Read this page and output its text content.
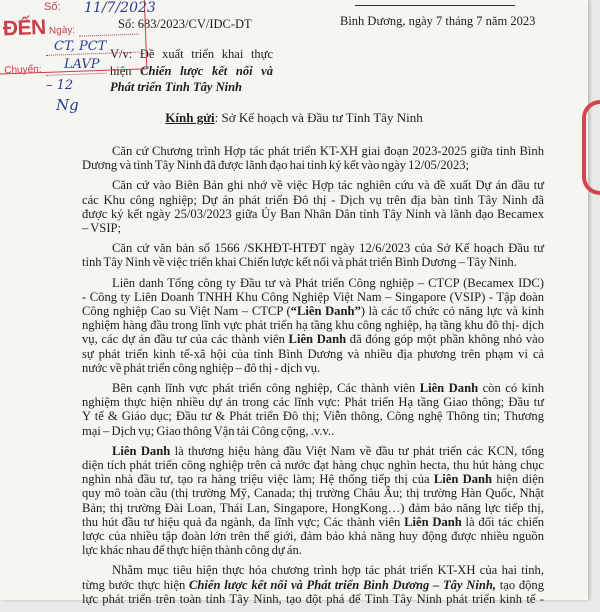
Số: 683/2023/CV/IDC-DT	Bình Dương, ngày 7 tháng 7 năm 2023
V/v: Đề xuất triển khai thực
hiện Chiến lược kết nối và
Phát triển Tỉnh Tây Ninh
Kính gửi: Sở Kế hoạch và Đầu tư Tỉnh Tây Ninh
Căn cứ Chương trình Hợp tác phát triển KT-XH giai đoạn 2023-2025 giữa tỉnh Bình
Dương và tỉnh Tây Ninh đã được lãnh đạo hai tỉnh ký kết vào ngày 12/05/2023;
Căn cứ vào Biên Bản ghi nhớ về việc Hợp tác nghiên cứu và đề xuất Dự án đầu tư
các Khu công nghiệp; Dự án phát triển Đô thị - Dịch vụ trên địa bàn tỉnh Tây Ninh đã
được ký kết ngày 25/03/2023 giữa Ủy Ban Nhân Dân tỉnh Tây Ninh và lãnh đạo Becamex
– VSIP;
Căn cứ văn bản số 1566 /SKHĐT-HTĐT ngày 12/6/2023 của Sở Kế hoạch Đầu tư
tỉnh Tây Ninh về việc triển khai Chiến lược kết nối và phát triển Bình Dương – Tây Ninh.
Liên danh Tổng công ty Đầu tư và Phát triển Công nghiệp – CTCP (Becamex IDC)
- Công ty Liên Doanh TNHH Khu Công Nghiệp Việt Nam – Singapore (VSIP) - Tập đoàn
Công nghiệp Cao su Việt Nam – CTCP (“Liên Danh”) là các tổ chức có năng lực và kinh
nghiệm hàng đầu trong lĩnh vực phát triển hạ tầng khu công nghiệp, hạ tầng khu đô thị- dịch
vụ, các dự án đầu tư của các thành viên Liên Danh đã đóng góp một phần không nhỏ vào
sự phát triển kinh tế-xã hội của tỉnh Bình Dương và nhiều địa phương trên phạm vi cả
nước về phát triển công nghiệp – đô thị - dịch vụ.
Bên cạnh lĩnh vực phát triển công nghiệp, Các thành viên Liên Danh còn có kinh
nghiệm thực hiện nhiều dự án trong các lĩnh vực: Phát triển Hạ tầng Giao thông; Đầu tư
Y tế & Giáo dục; Đầu tư & Phát triển Đô thị; Viễn thông, Công nghệ Thông tin; Thương
mại – Dịch vụ; Giao thông Vận tải Công cộng, .v.v..
Liên Danh là thương hiệu hàng đầu Việt Nam về đầu tư phát triển các KCN, tổng
diện tích phát triển công nghiệp trên cả nước đạt hàng chục nghìn hecta, thu hút hàng chục
nghìn nhà đầu tư, tạo ra hàng triệu việc làm; Hệ thống tiếp thị của Liên Danh hiện diện
quy mô toàn cầu (thị trường Mỹ, Canada; thị trường Châu Âu; thị trường Hàn Quốc, Nhật
Bản; thị trường Đài Loan, Thái Lan, Singapore, HongKong…) đảm bảo năng lực tiếp thị,
thu hút đầu tư hiệu quả đa ngành, đa lĩnh vực; Các thành viên Liên Danh là đối tác chiến
lược của nhiều tập đoàn lớn trên thế giới, đảm bảo khả năng huy động được nhiều nguồn
lực khác nhau để thực hiện thành công dự án.
Nhằm mục tiêu hiện thực hóa chương trình hợp tác phát triển KT-XH của hai tỉnh,
từng bước thực hiện Chiến lược kết nối và Phát triển Bình Dương – Tây Ninh, tạo động
lực phát triển trên toàn tỉnh Tây Ninh, tạo đột phá để Tỉnh Tây Ninh phát triển kinh tế -
ĐẾN Ngày:
Chuyển:
Số: 11/7/2023
CT, PCT
LAVP
– 12
Ng
